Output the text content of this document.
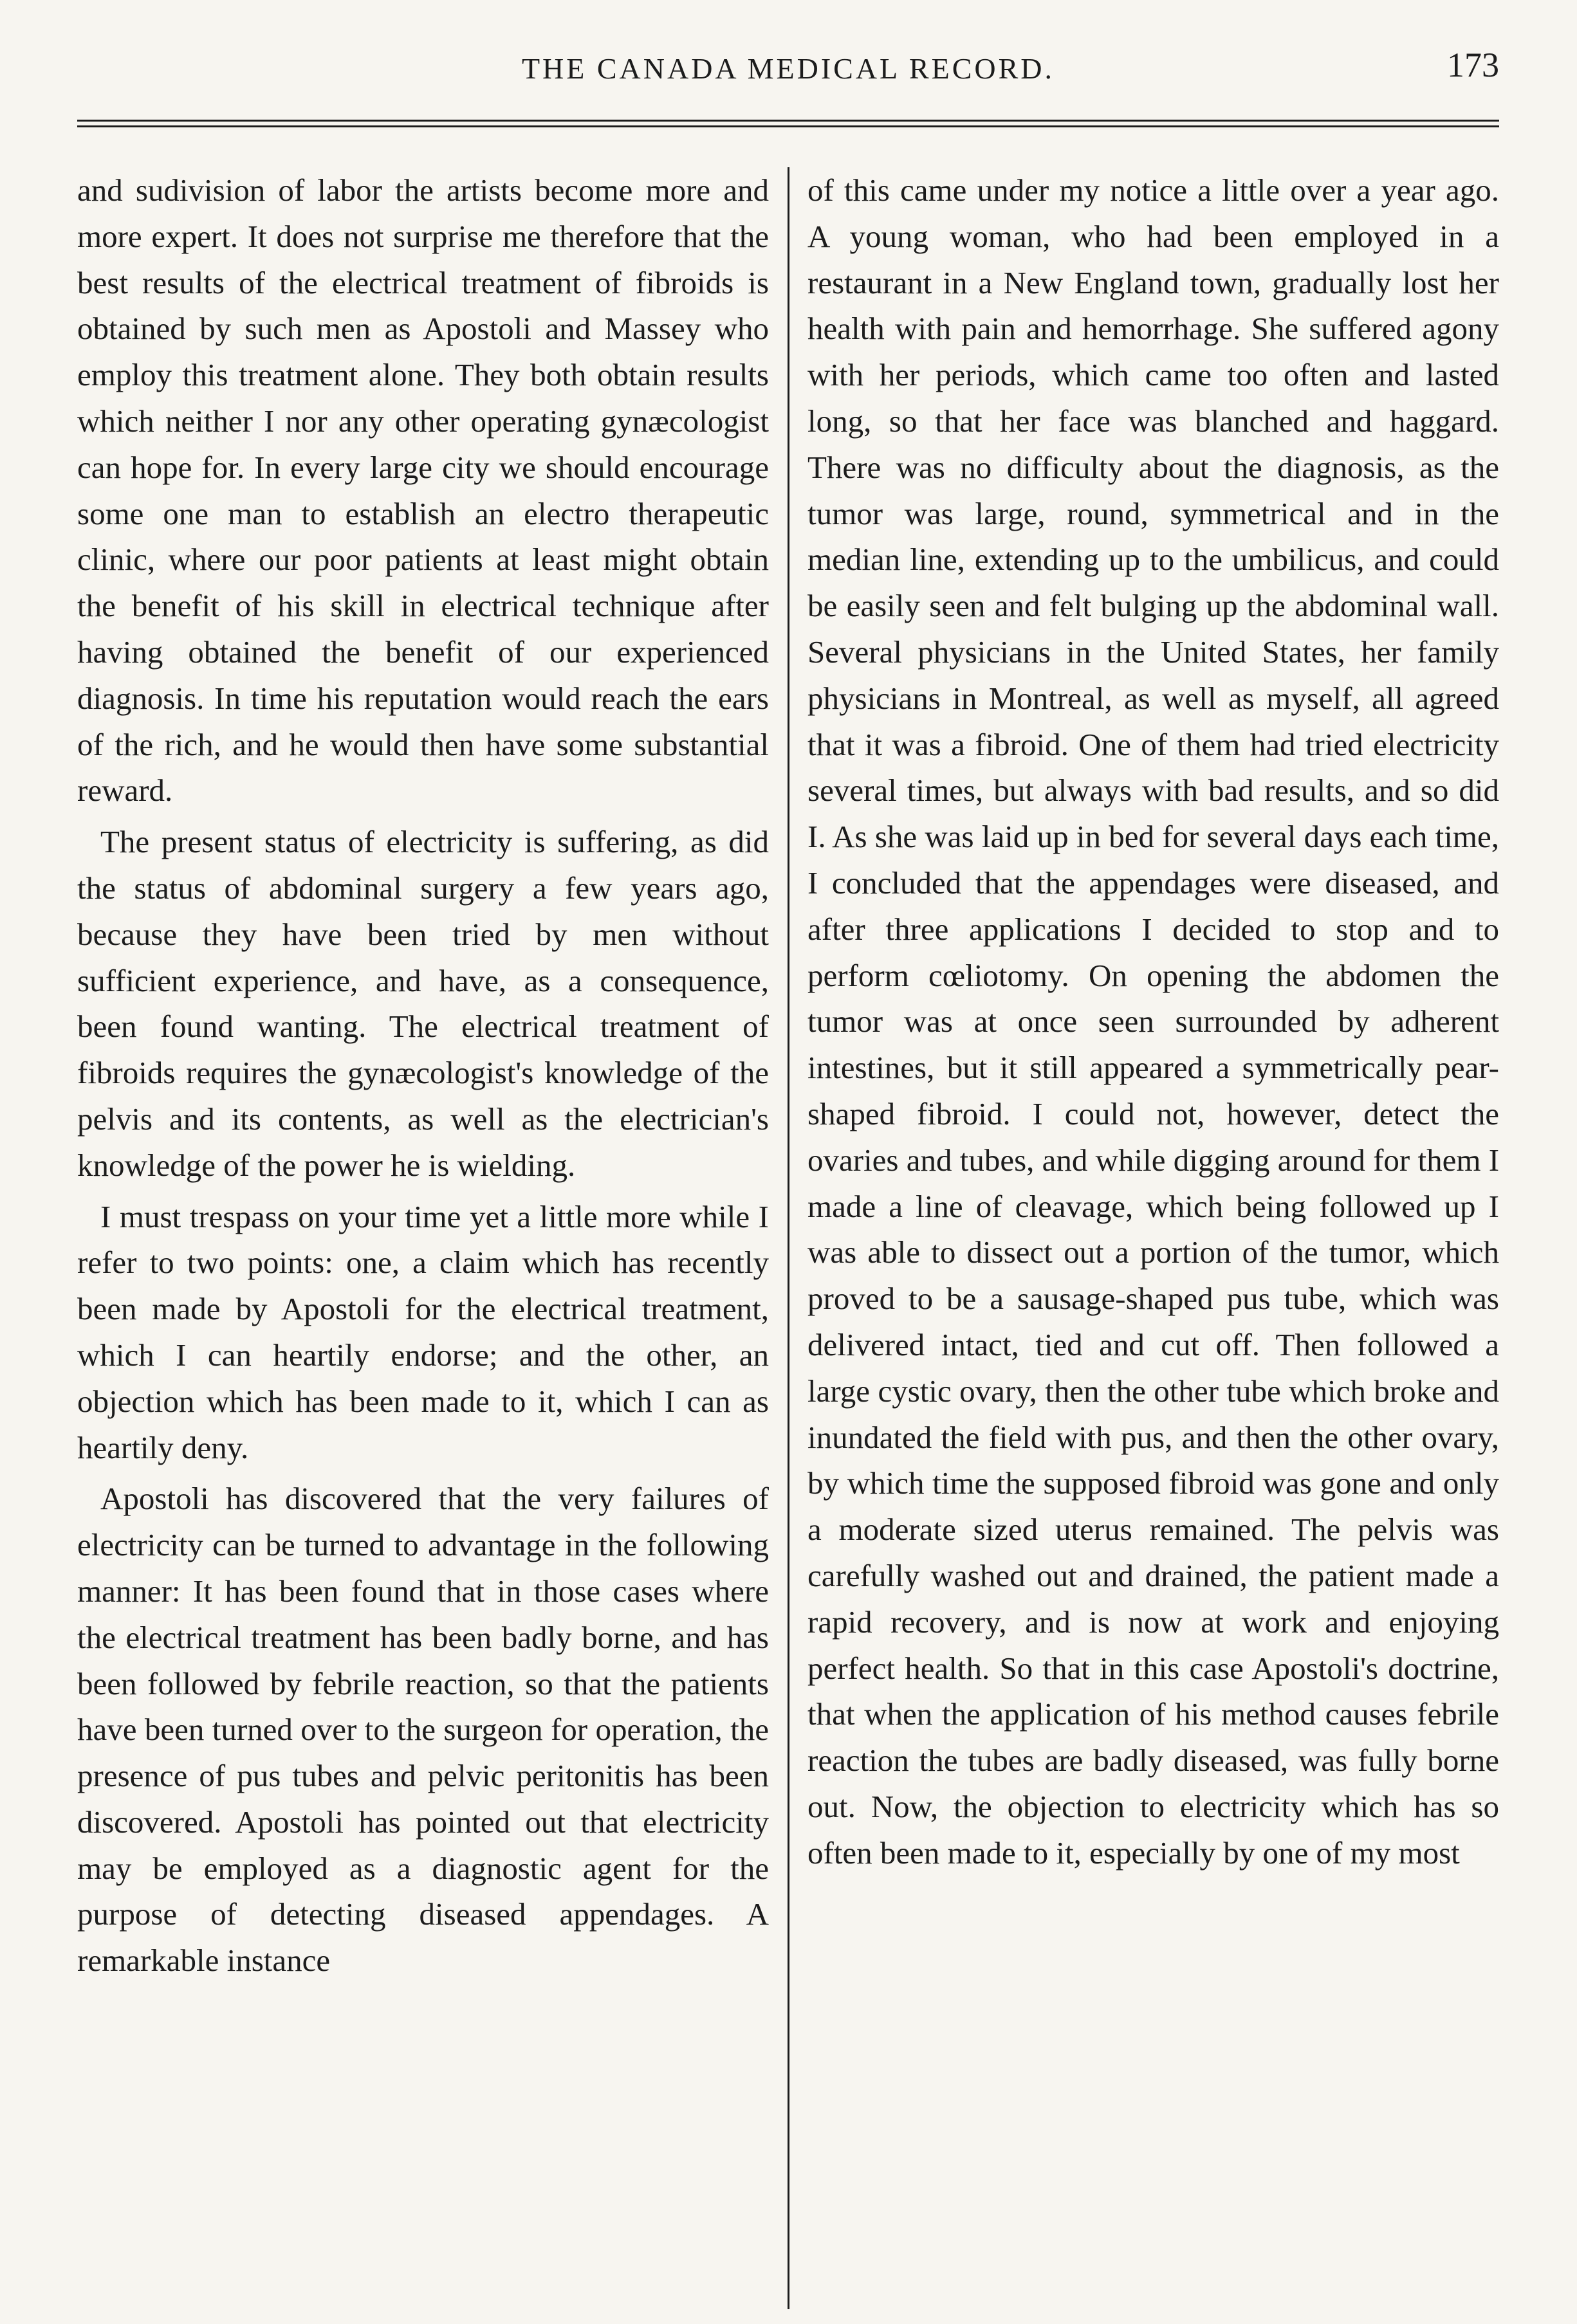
THE CANADA MEDICAL RECORD.	173

and sudivision of labor the artists become more and more expert. It does not surprise me therefore that the best results of the electrical treatment of fibroids is obtained by such men as Apostoli and Massey who employ this treatment alone. They both obtain results which neither I nor any other operating gynæcologist can hope for. In every large city we should encourage some one man to establish an electro therapeutic clinic, where our poor patients at least might obtain the benefit of his skill in electrical technique after having obtained the benefit of our experienced diagnosis. In time his reputation would reach the ears of the rich, and he would then have some substantial reward.

The present status of electricity is suffering, as did the status of abdominal surgery a few years ago, because they have been tried by men without sufficient experience, and have, as a consequence, been found wanting. The electrical treatment of fibroids requires the gynæcologist's knowledge of the pelvis and its contents, as well as the electrician's knowledge of the power he is wielding.

I must trespass on your time yet a little more while I refer to two points: one, a claim which has recently been made by Apostoli for the electrical treatment, which I can heartily endorse; and the other, an objection which has been made to it, which I can as heartily deny.

Apostoli has discovered that the very failures of electricity can be turned to advantage in the following manner: It has been found that in those cases where the electrical treatment has been badly borne, and has been followed by febrile reaction, so that the patients have been turned over to the surgeon for operation, the presence of pus tubes and pelvic peritonitis has been discovered. Apostoli has pointed out that electricity may be employed as a diagnostic agent for the purpose of detecting diseased appendages. A remarkable instance

of this came under my notice a little over a year ago. A young woman, who had been employed in a restaurant in a New England town, gradually lost her health with pain and hemorrhage. She suffered agony with her periods, which came too often and lasted long, so that her face was blanched and haggard. There was no difficulty about the diagnosis, as the tumor was large, round, symmetrical and in the median line, extending up to the umbilicus, and could be easily seen and felt bulging up the abdominal wall. Several physicians in the United States, her family physicians in Montreal, as well as myself, all agreed that it was a fibroid. One of them had tried electricity several times, but always with bad results, and so did I. As she was laid up in bed for several days each time, I concluded that the appendages were diseased, and after three applications I decided to stop and to perform cœliotomy. On opening the abdomen the tumor was at once seen surrounded by adherent intestines, but it still appeared a symmetrically pear-shaped fibroid. I could not, however, detect the ovaries and tubes, and while digging around for them I made a line of cleavage, which being followed up I was able to dissect out a portion of the tumor, which proved to be a sausage-shaped pus tube, which was delivered intact, tied and cut off. Then followed a large cystic ovary, then the other tube which broke and inundated the field with pus, and then the other ovary, by which time the supposed fibroid was gone and only a moderate sized uterus remained. The pelvis was carefully washed out and drained, the patient made a rapid recovery, and is now at work and enjoying perfect health. So that in this case Apostoli's doctrine, that when the application of his method causes febrile reaction the tubes are badly diseased, was fully borne out. Now, the objection to electricity which has so often been made to it, especially by one of my most
